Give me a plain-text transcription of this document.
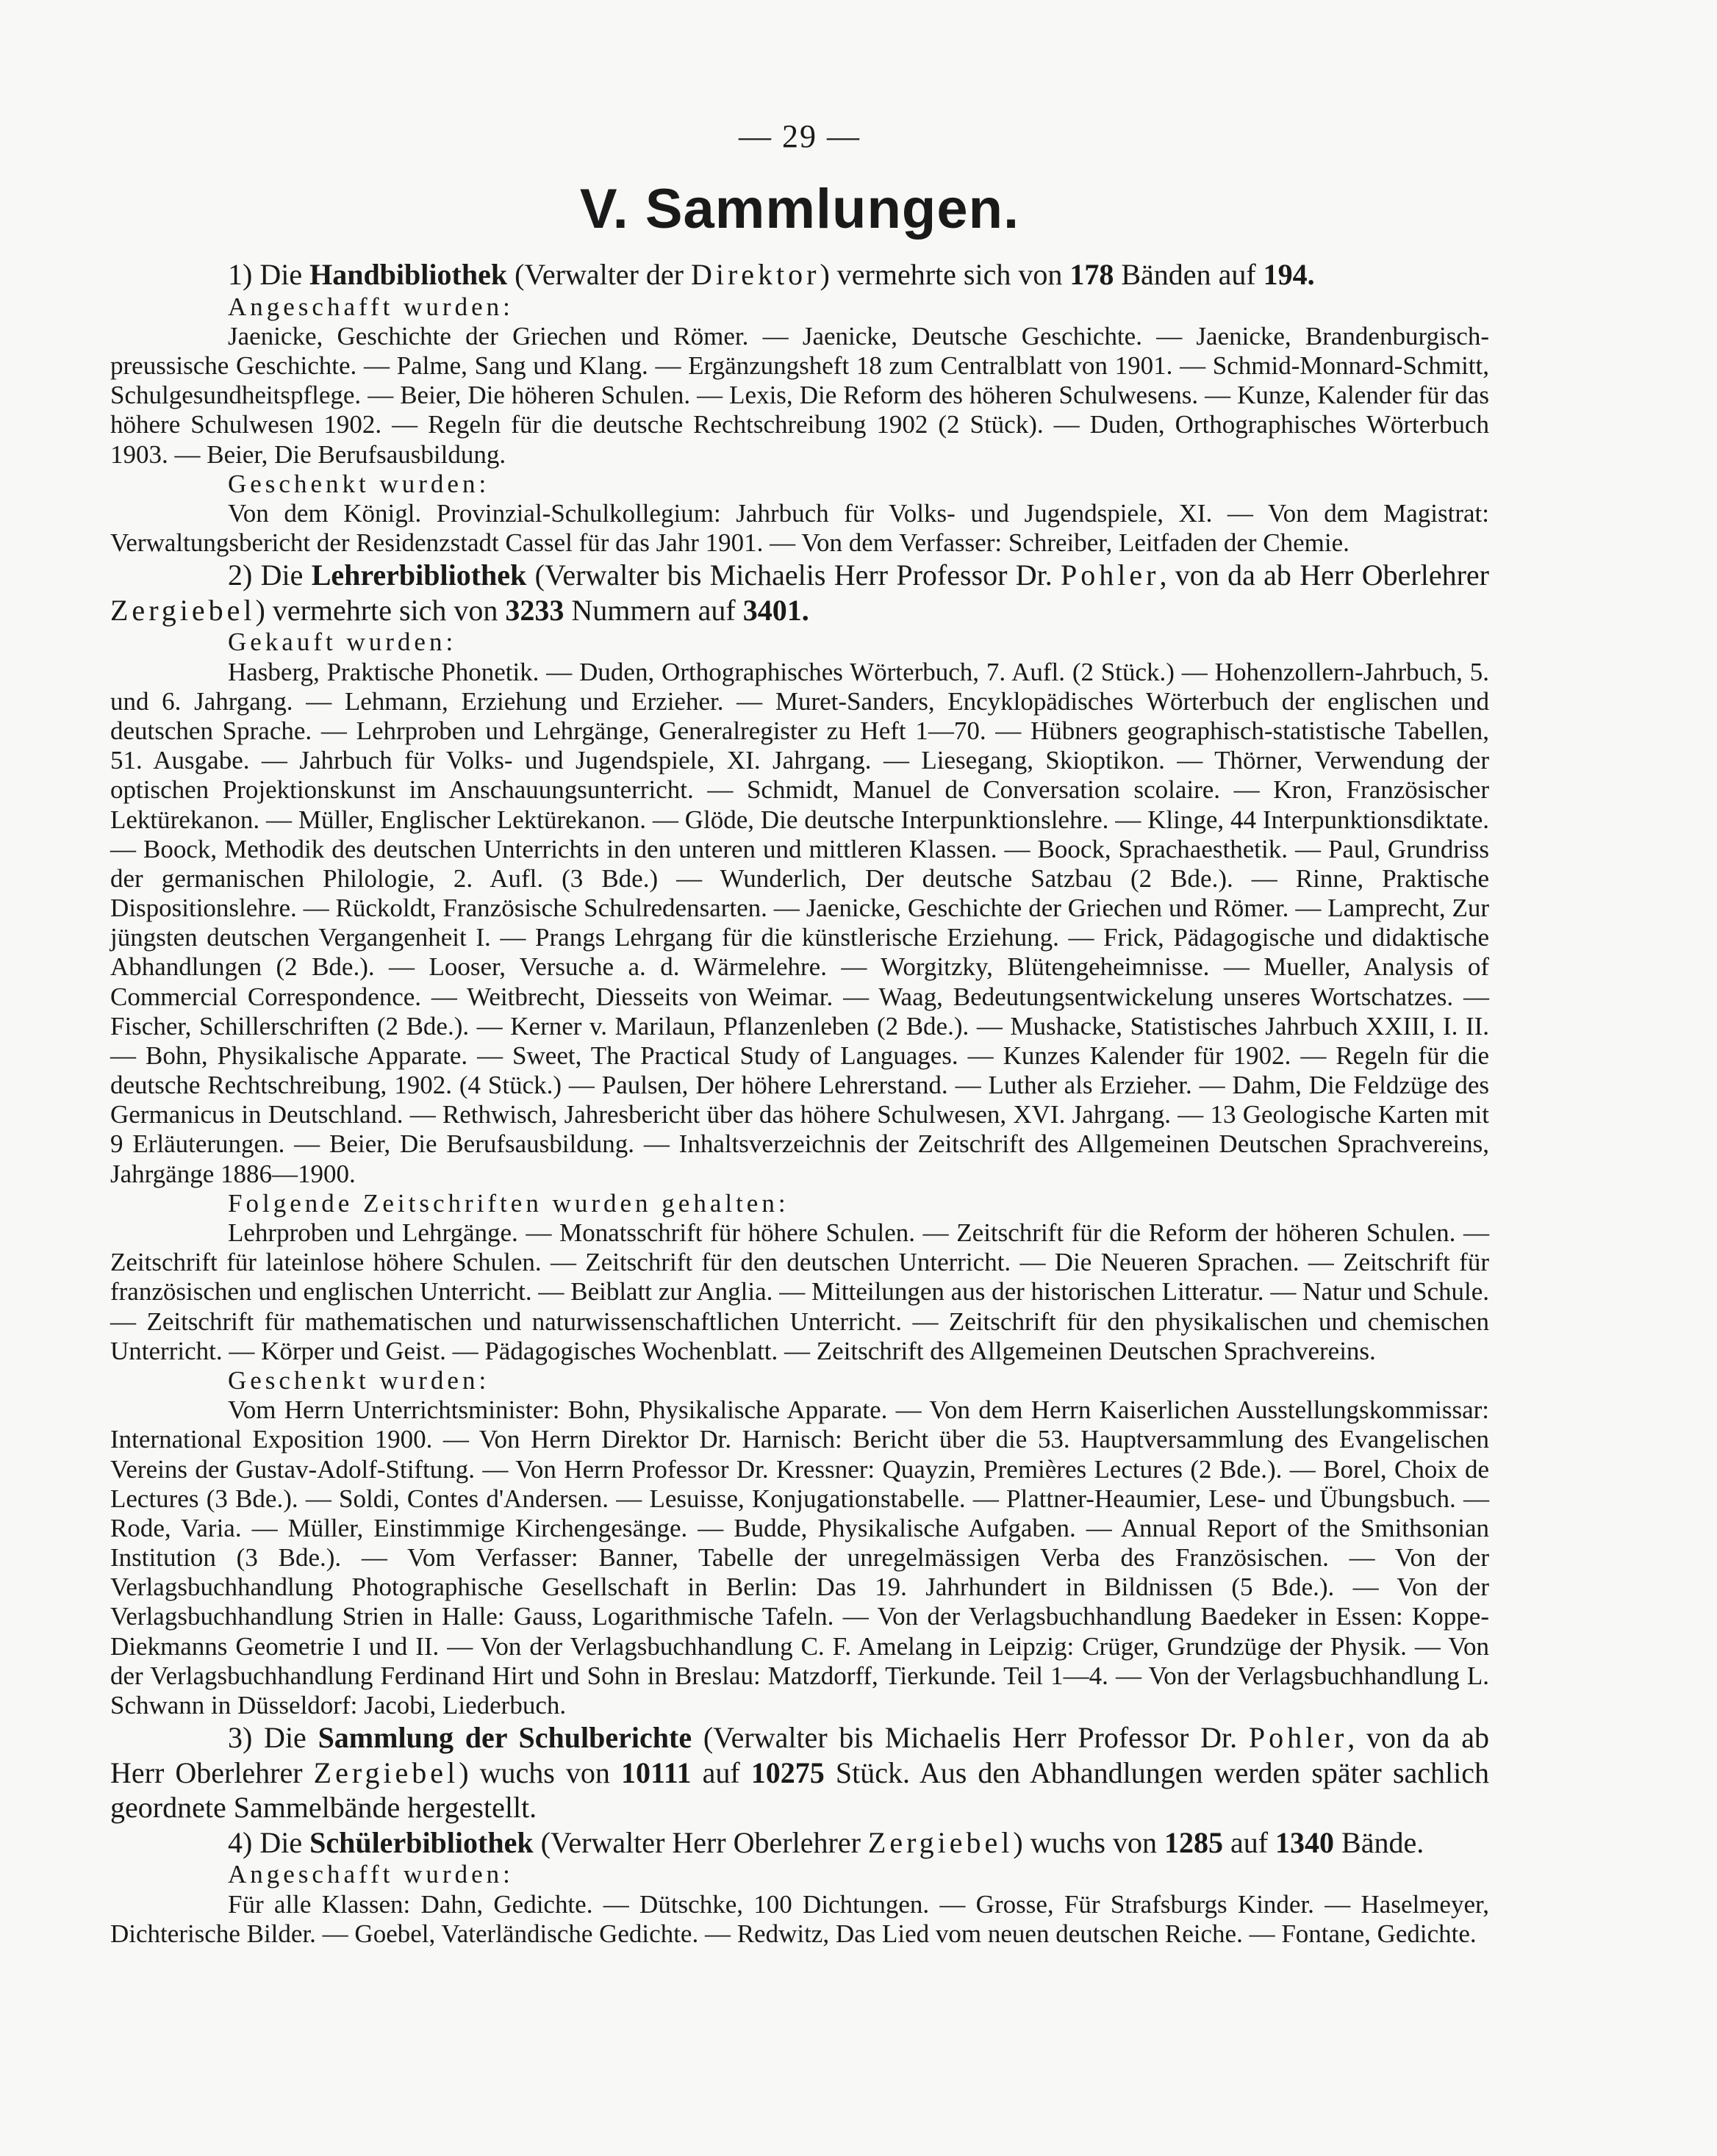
— 29 —
V. Sammlungen.

1) Die Handbibliothek (Verwalter der Direktor) vermehrte sich von 178 Bänden auf 194.

Angeschafft wurden:

Jaenicke, Geschichte der Griechen und Römer. — Jaenicke, Deutsche Geschichte. — Jaenicke, Brandenburgisch-preussische Geschichte. — Palme, Sang und Klang. — Ergänzungsheft 18 zum Centralblatt von 1901. — Schmid-Monnard-Schmitt, Schulgesundheitspflege. — Beier, Die höheren Schulen. — Lexis, Die Reform des höheren Schulwesens. — Kunze, Kalender für das höhere Schulwesen 1902. — Regeln für die deutsche Rechtschreibung 1902 (2 Stück). — Duden, Orthographisches Wörterbuch 1903. — Beier, Die Berufsausbildung.

Geschenkt wurden:

Von dem Königl. Provinzial-Schulkollegium: Jahrbuch für Volks- und Jugendspiele, XI. — Von dem Magistrat: Verwaltungsbericht der Residenzstadt Cassel für das Jahr 1901. — Von dem Verfasser: Schreiber, Leitfaden der Chemie.

2) Die Lehrerbibliothek (Verwalter bis Michaelis Herr Professor Dr. Pohler, von da ab Herr Oberlehrer Zergiebel) vermehrte sich von 3233 Nummern auf 3401.

Gekauft wurden:

Hasberg, Praktische Phonetik. — Duden, Orthographisches Wörterbuch, 7. Aufl. (2 Stück.) — Hohenzollern-Jahrbuch, 5. und 6. Jahrgang. — Lehmann, Erziehung und Erzieher. — Muret-Sanders, Encyklopädisches Wörterbuch der englischen und deutschen Sprache. — Lehrproben und Lehrgänge, Generalregister zu Heft 1—70. — Hübners geographisch-statistische Tabellen, 51. Ausgabe. — Jahrbuch für Volks- und Jugendspiele, XI. Jahrgang. — Liesegang, Skioptikon. — Thörner, Verwendung der optischen Projektionskunst im Anschauungsunterricht. — Schmidt, Manuel de Conversation scolaire. — Kron, Französischer Lektürekanon. — Müller, Englischer Lektürekanon. — Glöde, Die deutsche Interpunktionslehre. — Klinge, 44 Interpunktionsdiktate. — Boock, Methodik des deutschen Unterrichts in den unteren und mittleren Klassen. — Boock, Sprachaesthetik. — Paul, Grundriss der germanischen Philologie, 2. Aufl. (3 Bde.) — Wunderlich, Der deutsche Satzbau (2 Bde.). — Rinne, Praktische Dispositionslehre. — Rückoldt, Französische Schulredensarten. — Jaenicke, Geschichte der Griechen und Römer. — Lamprecht, Zur jüngsten deutschen Vergangenheit I. — Prangs Lehrgang für die künstlerische Erziehung. — Frick, Pädagogische und didaktische Abhandlungen (2 Bde.). — Looser, Versuche a. d. Wärmelehre. — Worgitzky, Blütengeheimnisse. — Mueller, Analysis of Commercial Correspondence. — Weitbrecht, Diesseits von Weimar. — Waag, Bedeutungsentwickelung unseres Wortschatzes. — Fischer, Schillerschriften (2 Bde.). — Kerner v. Marilaun, Pflanzenleben (2 Bde.). — Mushacke, Statistisches Jahrbuch XXIII, I. II. — Bohn, Physikalische Apparate. — Sweet, The Practical Study of Languages. — Kunzes Kalender für 1902. — Regeln für die deutsche Rechtschreibung, 1902. (4 Stück.) — Paulsen, Der höhere Lehrerstand. — Luther als Erzieher. — Dahm, Die Feldzüge des Germanicus in Deutschland. — Rethwisch, Jahresbericht über das höhere Schulwesen, XVI. Jahrgang. — 13 Geologische Karten mit 9 Erläuterungen. — Beier, Die Berufsausbildung. — Inhaltsverzeichnis der Zeitschrift des Allgemeinen Deutschen Sprachvereins, Jahrgänge 1886—1900.

Folgende Zeitschriften wurden gehalten:

Lehrproben und Lehrgänge. — Monatsschrift für höhere Schulen. — Zeitschrift für die Reform der höheren Schulen. — Zeitschrift für lateinlose höhere Schulen. — Zeitschrift für den deutschen Unterricht. — Die Neueren Sprachen. — Zeitschrift für französischen und englischen Unterricht. — Beiblatt zur Anglia. — Mitteilungen aus der historischen Litteratur. — Natur und Schule. — Zeitschrift für mathematischen und naturwissenschaftlichen Unterricht. — Zeitschrift für den physikalischen und chemischen Unterricht. — Körper und Geist. — Pädagogisches Wochenblatt. — Zeitschrift des Allgemeinen Deutschen Sprachvereins.

Geschenkt wurden:

Vom Herrn Unterrichtsminister: Bohn, Physikalische Apparate. — Von dem Herrn Kaiserlichen Ausstellungskommissar: International Exposition 1900. — Von Herrn Direktor Dr. Harnisch: Bericht über die 53. Hauptversammlung des Evangelischen Vereins der Gustav-Adolf-Stiftung. — Von Herrn Professor Dr. Kressner: Quayzin, Premières Lectures (2 Bde.). — Borel, Choix de Lectures (3 Bde.). — Soldi, Contes d'Andersen. — Lesuisse, Konjugationstabelle. — Plattner-Heaumier, Lese- und Übungsbuch. — Rode, Varia. — Müller, Einstimmige Kirchengesänge. — Budde, Physikalische Aufgaben. — Annual Report of the Smithsonian Institution (3 Bde.). — Vom Verfasser: Banner, Tabelle der unregelmässigen Verba des Französischen. — Von der Verlagsbuchhandlung Photographische Gesellschaft in Berlin: Das 19. Jahrhundert in Bildnissen (5 Bde.). — Von der Verlagsbuchhandlung Strien in Halle: Gauss, Logarithmische Tafeln. — Von der Verlagsbuchhandlung Baedeker in Essen: Koppe-Diekmanns Geometrie I und II. — Von der Verlagsbuchhandlung C. F. Amelang in Leipzig: Crüger, Grundzüge der Physik. — Von der Verlagsbuchhandlung Ferdinand Hirt und Sohn in Breslau: Matzdorff, Tierkunde. Teil 1—4. — Von der Verlagsbuchhandlung L. Schwann in Düsseldorf: Jacobi, Liederbuch.

3) Die Sammlung der Schulberichte (Verwalter bis Michaelis Herr Professor Dr. Pohler, von da ab Herr Oberlehrer Zergiebel) wuchs von 10111 auf 10275 Stück. Aus den Abhandlungen werden später sachlich geordnete Sammelbände hergestellt.

4) Die Schülerbibliothek (Verwalter Herr Oberlehrer Zergiebel) wuchs von 1285 auf 1340 Bände.

Angeschafft wurden:

Für alle Klassen: Dahn, Gedichte. — Dütschke, 100 Dichtungen. — Grosse, Für Strafsburgs Kinder. — Haselmeyer, Dichterische Bilder. — Goebel, Vaterländische Gedichte. — Redwitz, Das Lied vom neuen deutschen Reiche. — Fontane, Gedichte.
